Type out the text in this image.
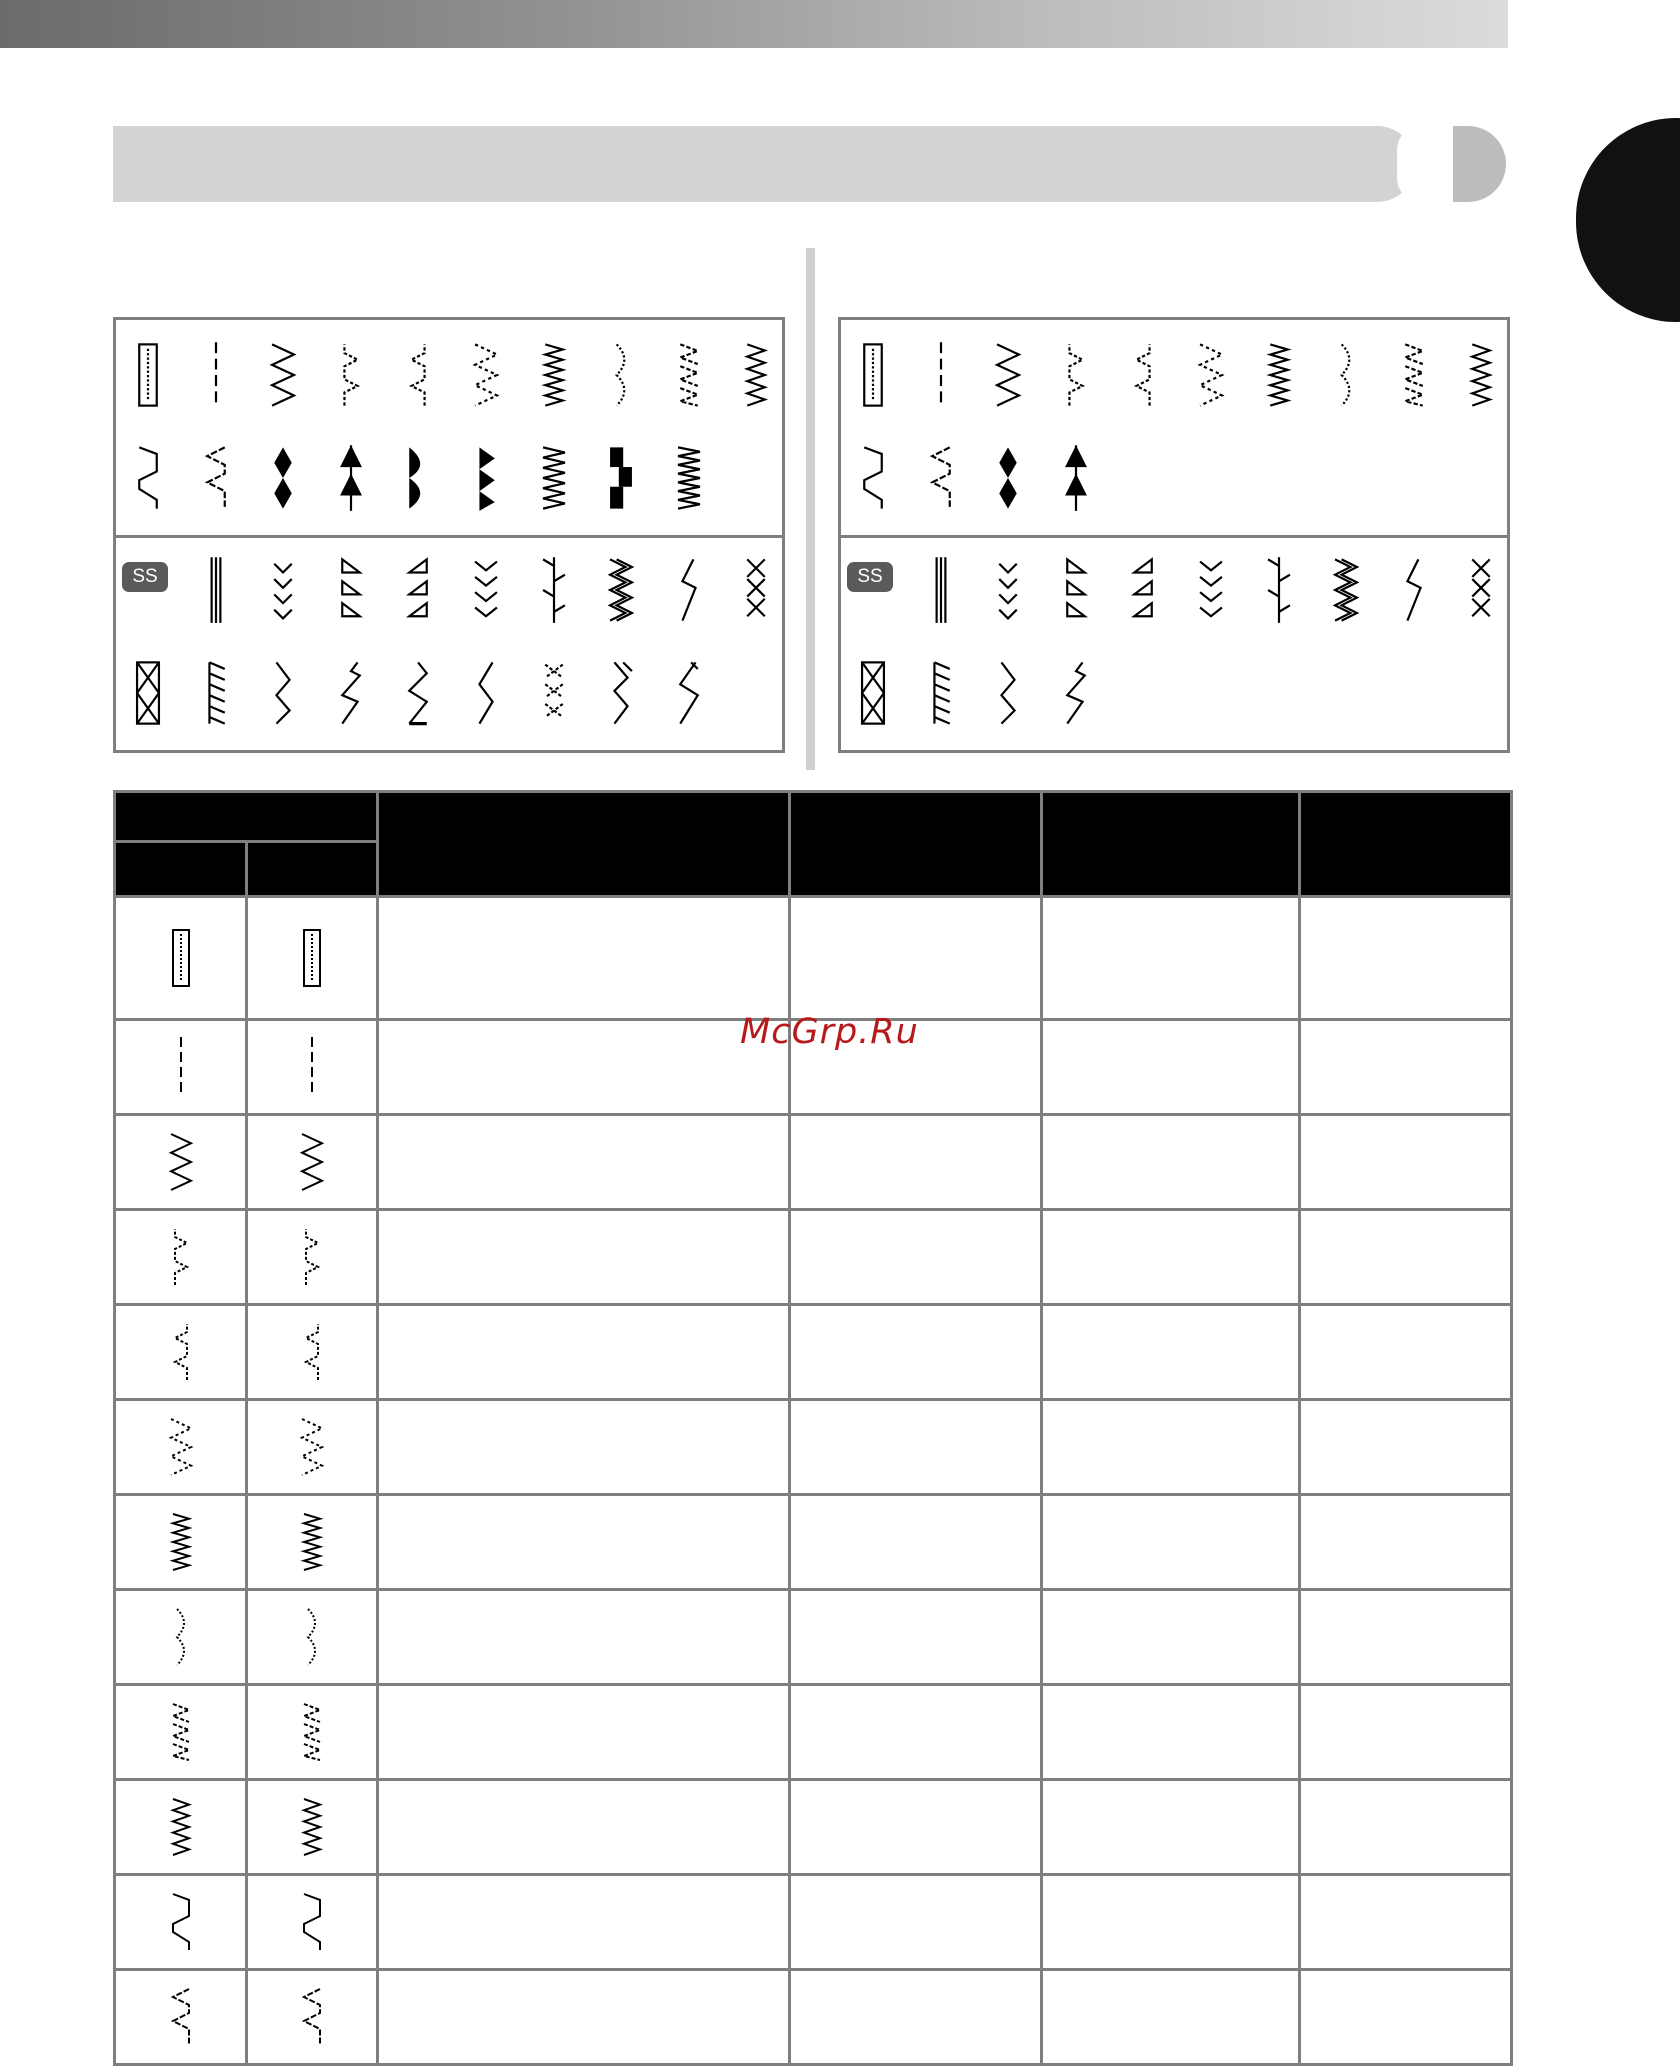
SS	SS

McGrp.Ru
